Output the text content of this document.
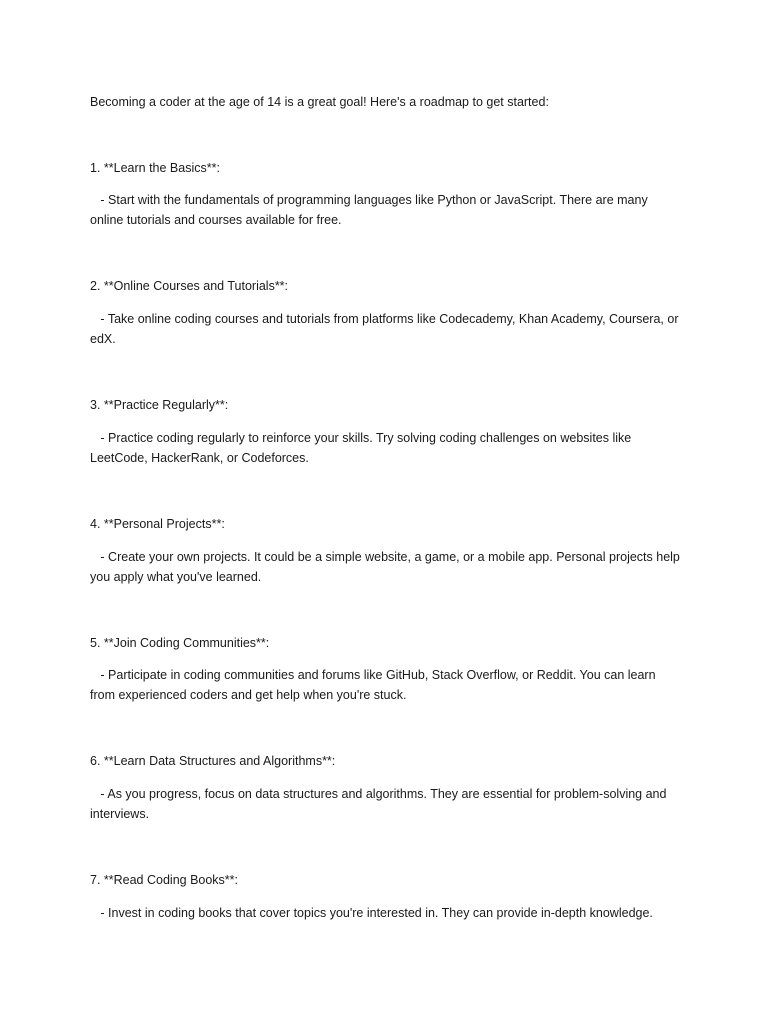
Becoming a coder at the age of 14 is a great goal! Here's a roadmap to get started:

1. **Learn the Basics**:

- Start with the fundamentals of programming languages like Python or JavaScript. There are many online tutorials and courses available for free.

2. **Online Courses and Tutorials**:

- Take online coding courses and tutorials from platforms like Codecademy, Khan Academy, Coursera, or edX.

3. **Practice Regularly**:

- Practice coding regularly to reinforce your skills. Try solving coding challenges on websites like LeetCode, HackerRank, or Codeforces.

4. **Personal Projects**:

- Create your own projects. It could be a simple website, a game, or a mobile app. Personal projects help you apply what you've learned.

5. **Join Coding Communities**:

- Participate in coding communities and forums like GitHub, Stack Overflow, or Reddit. You can learn from experienced coders and get help when you're stuck.

6. **Learn Data Structures and Algorithms**:

- As you progress, focus on data structures and algorithms. They are essential for problem-solving and interviews.

7. **Read Coding Books**:

- Invest in coding books that cover topics you're interested in. They can provide in-depth knowledge.
